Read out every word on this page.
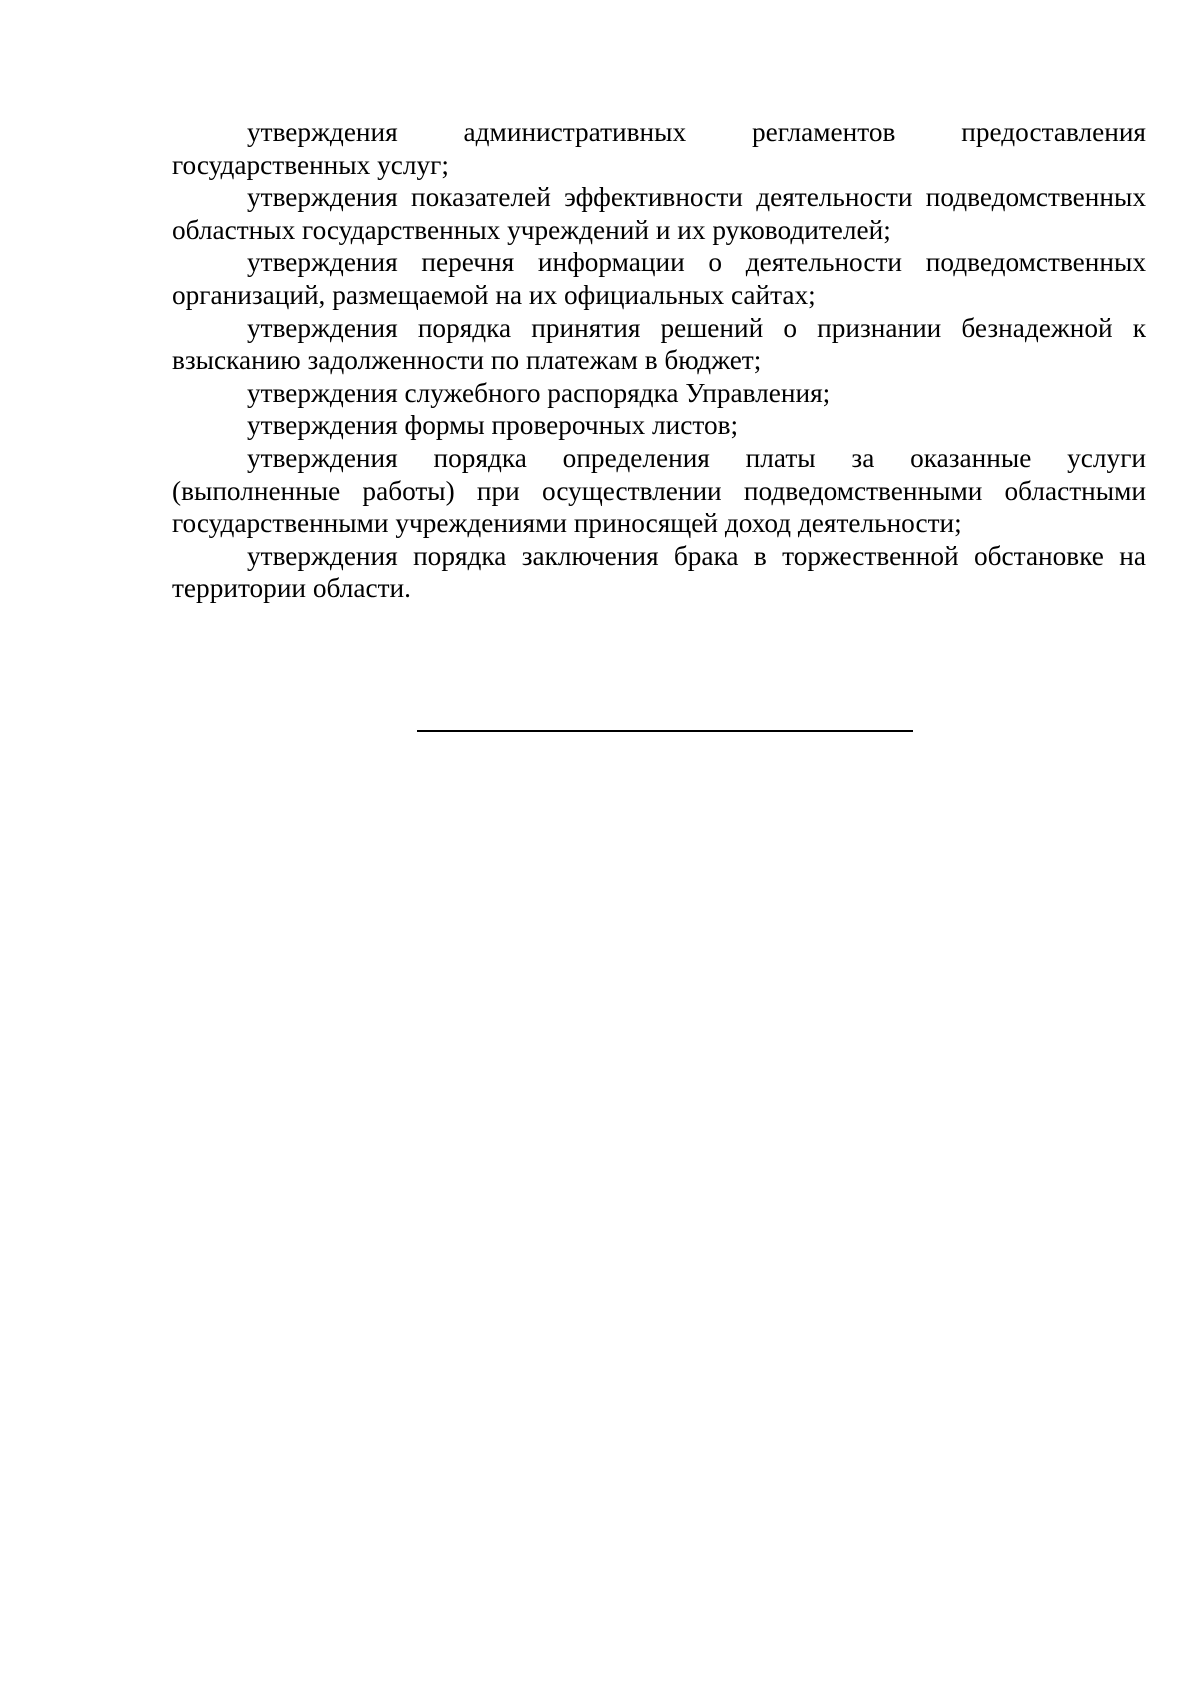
утверждения административных регламентов предоставления государственных услуг;

утверждения показателей эффективности деятельности подведомственных областных государственных учреждений и их руководителей;

утверждения перечня информации о деятельности подведомственных организаций, размещаемой на их официальных сайтах;

утверждения порядка принятия решений о признании безнадежной к взысканию задолженности по платежам в бюджет;

утверждения служебного распорядка Управления;

утверждения формы проверочных листов;

утверждения порядка определения платы за оказанные услуги (выполненные работы) при осуществлении подведомственными областными государственными учреждениями приносящей доход деятельности;

утверждения порядка заключения брака в торжественной обстановке на территории области.
